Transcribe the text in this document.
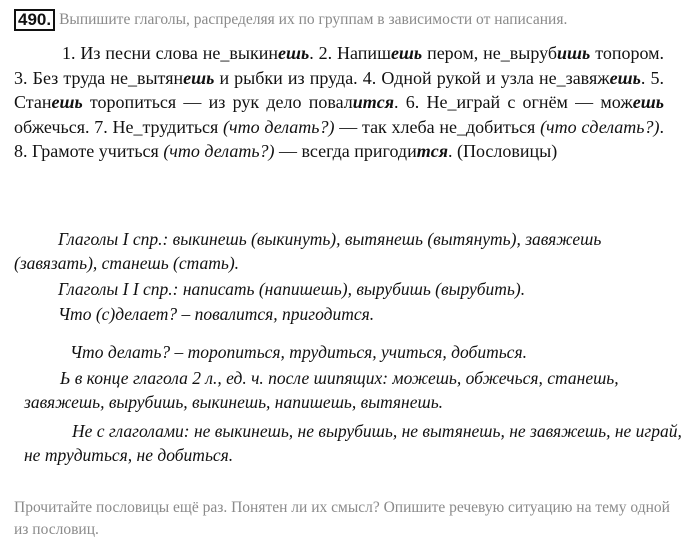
490. Выпишите глаголы, распределяя их по группам в зависимости от написания.

1. Из песни слова не_выкинешь. 2. Напишешь пером, не_вырубишь топором. 3. Без труда не_вытянешь и рыбки из пруда. 4. Одной рукой и узла не_завяжешь. 5. Станешь торопиться — из рук дело повалится. 6. Не_играй с огнём — можешь обжечься. 7. Не_трудиться (что делать?) — так хлеба не_добиться (что сделать?). 8. Грамоте учиться (что делать?) — всегда пригодится. (Пословицы)

Глаголы I спр.: выкинешь (выкинуть), вытянешь (вытянуть), завяжешь (завязать), станешь (стать).

Глаголы I I спр.: написать (напишешь), вырубишь (вырубить).

Что (с)делает? – повалится, пригодится.

Что делать? – торопиться, трудиться, учиться, добиться.

Ь в конце глагола 2 л., ед. ч. после шипящих: можешь, обжечься, станешь, завяжешь, вырубишь, выкинешь, напишешь, вытянешь.

Не с глаголами: не выкинешь, не вырубишь, не вытянешь, не завяжешь, не играй, не трудиться, не добиться.

Прочитайте пословицы ещё раз. Понятен ли их смысл? Опишите речевую ситуацию на тему одной из пословиц.
